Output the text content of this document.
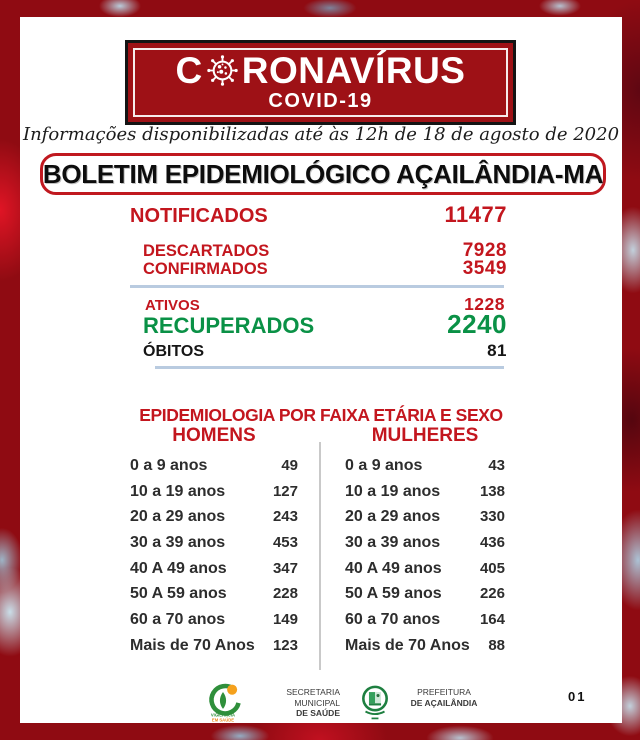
C RONAVÍRUS
COVID-19
Informações disponibilizadas até às 12h de 18 de agosto de 2020
BOLETIM EPIDEMIOLÓGICO AÇAILÂNDIA-MA
NOTIFICADOS	11477
DESCARTADOS	7928
CONFIRMADOS	3549
ATIVOS	1228
RECUPERADOS	2240
ÓBITOS	81
EPIDEMIOLOGIA POR FAIXA ETÁRIA E SEXO
HOMENS	MULHERES
0 a 9 anos	49
10 a 19 anos	127
20 a 29 anos	243
30 a 39 anos	453
40 A 49 anos	347
50 A 59 anos	228
60 a 70 anos	149
Mais de 70 Anos 123
0 a 9 anos	43
10 a 19 anos	138
20 a 29 anos	330
30 a 39 anos	436
40 A 49 anos	405
50 A 59 anos	226
60 a 70 anos	164
Mais de 70 Anos 88
VIGILÂNCIA
EM SAÚDE
SECRETARIA MUNICIPAL
DE SAÚDE
PREFEITURA
DE AÇAILÂNDIA	01
